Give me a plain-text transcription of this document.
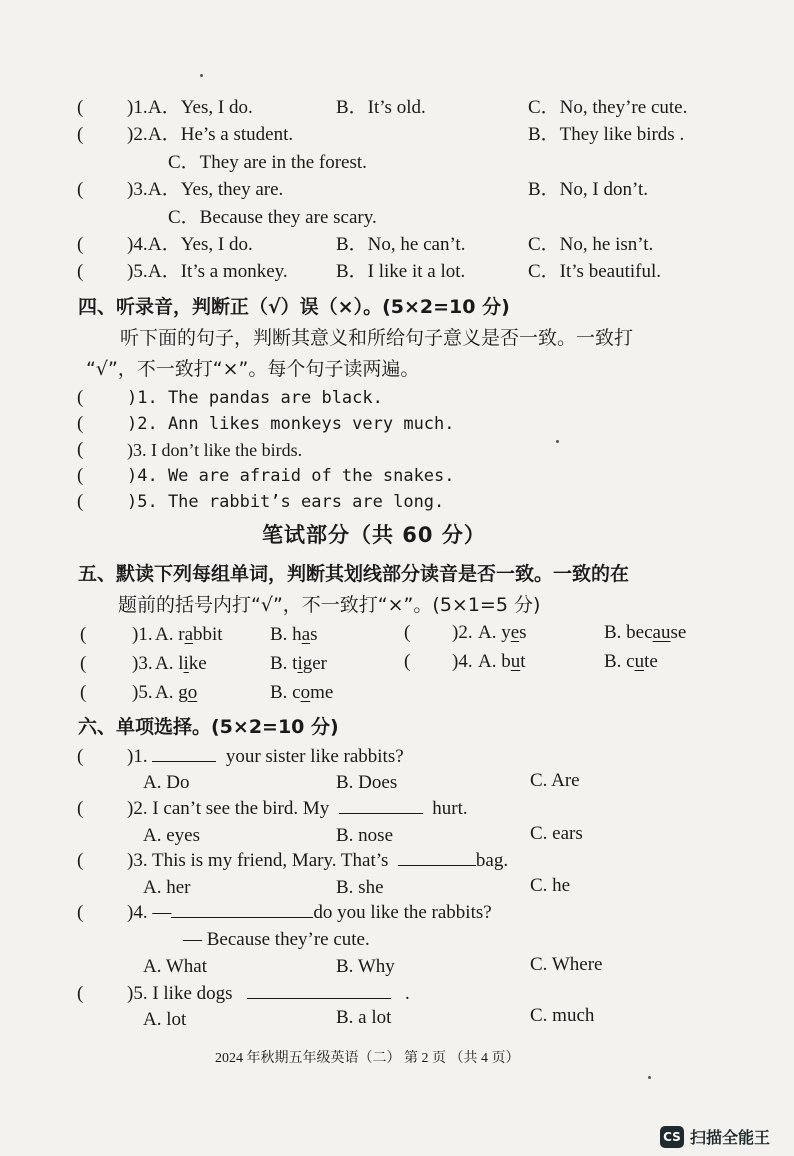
( )1. A．Yes, I do.	B．It’s old.	C．No, they’re cute.
( )2. A．He’s a student.	B．They like birds .
C．They are in the forest.
( )3. A．Yes, they are.	B．No, I don’t.
C．Because they are scary.
( )4. A．Yes, I do.	B．No, he can’t.	C．No, he isn’t.
( )5. A．It’s a monkey.	B．I like it a lot.	C．It’s beautiful.
四、听录音，判断正（√）误（×）。(5×2=10 分)
听下面的句子，判断其意义和所给句子意义是否一致。一致打
“√”，不一致打“×”。每个句子读两遍。
(	)1. The pandas are black.
(	)2. Ann likes monkeys very much.
( )3. I don’t like the birds.
(	)4. We are afraid of the snakes.
(	)5. The rabbit’s ears are long.
笔试部分（共 60 分）
五、默读下列每组单词，判断其划线部分读音是否一致。一致的在
题前的括号内打“√”，不一致打“×”。(5×1=5 分)
( )1. A. rabbit B. has	( )2. A. yes	B. because
( )3. A. like	B. tiger	( )4. A. but	B. cute
( )5. A. go	B. come
六、单项选择。(5×2=10 分)
( )1.	your sister like rabbits?
A. Do	B. Does	C. Are
( )2. I can’t see the bird. My	hurt.
A. eyes	B. nose	C. ears
( )3. This is my friend, Mary. That’s	bag.
A. her	B. she	C. he
( )4. —	do you like the rabbits?
— Because they’re cute.
A. What	B. Why	C. Where
( )5. I like dogs	.
A. lot	B. a lot	C. much
2024 年秋期五年级英语（二） 第 2 页 （共 4 页）
CS 扫描全能王
